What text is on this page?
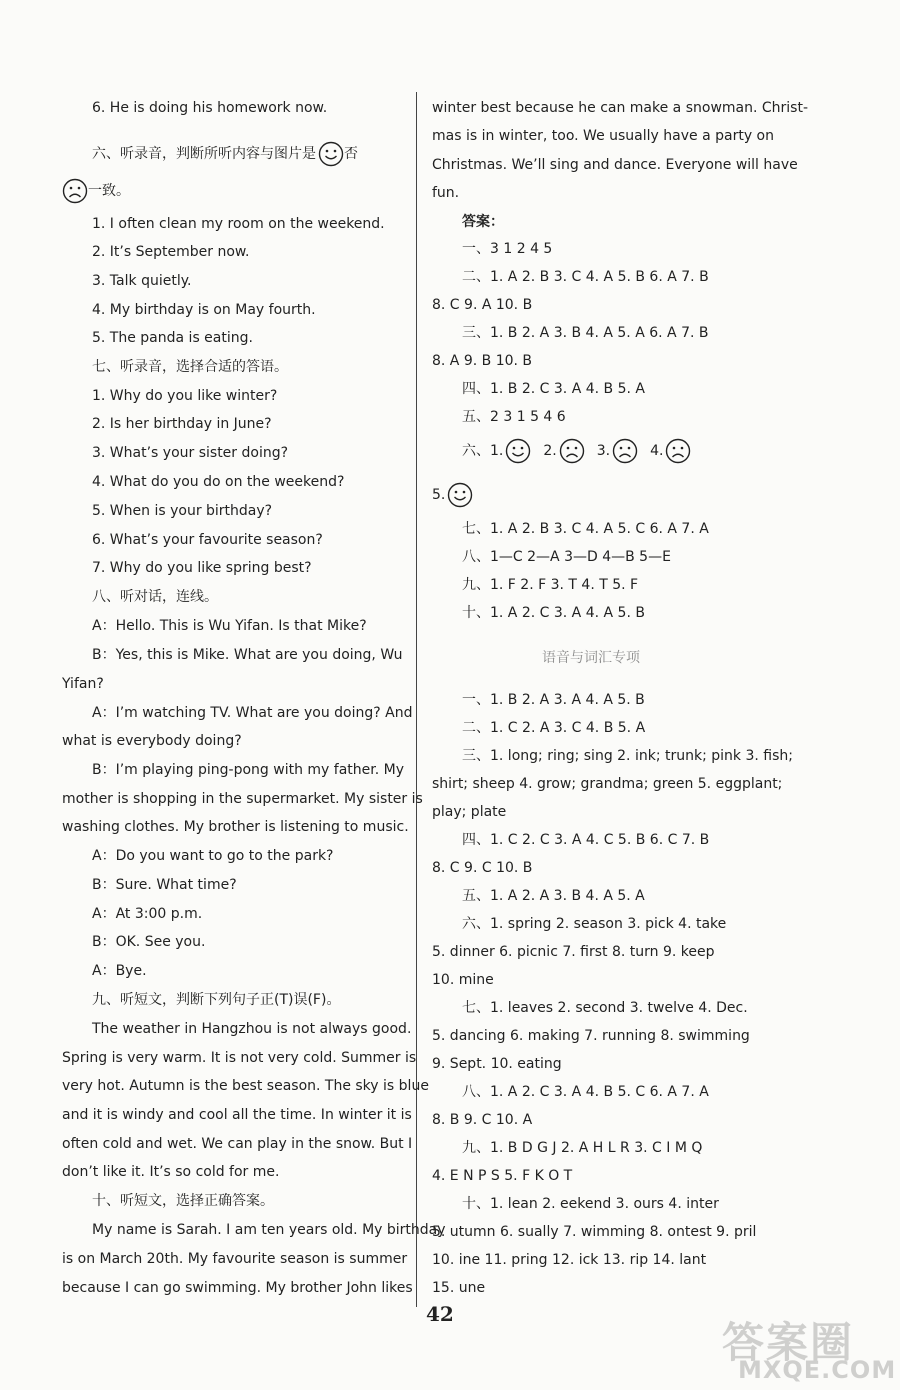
6. He is doing his homework now.
六、听录音，判断所听内容与图片是 否
一致。
1. I often clean my room on the weekend.
2. It’s September now.
3. Talk quietly.
4. My birthday is on May fourth.
5. The panda is eating.
七、听录音，选择合适的答语。
1. Why do you like winter?
2. Is her birthday in June?
3. What’s your sister doing?
4. What do you do on the weekend?
5. When is your birthday?
6. What’s your favourite season?
7. Why do you like spring best?
八、听对话，连线。
A：Hello. This is Wu Yifan. Is that Mike?
B：Yes, this is Mike. What are you doing, Wu
Yifan?
A：I’m watching TV. What are you doing? And
what is everybody doing?
B：I’m playing ping-pong with my father. My
mother is shopping in the supermarket. My sister is
washing clothes. My brother is listening to music.
A：Do you want to go to the park?
B：Sure. What time?
A：At 3:00 p.m.
B：OK. See you.
A：Bye.
九、听短文，判断下列句子正(T)误(F)。
The weather in Hangzhou is not always good.
Spring is very warm. It is not very cold. Summer is
very hot. Autumn is the best season. The sky is blue
and it is windy and cool all the time. In winter it is
often cold and wet. We can play in the snow. But I
don’t like it. It’s so cold for me.
十、听短文，选择正确答案。
My name is Sarah. I am ten years old. My birthday
is on March 20th. My favourite season is summer
because I can go swimming. My brother John likes
winter best because he can make a snowman. Christ-
mas is in winter, too. We usually have a party on
Christmas. We’ll sing and dance. Everyone will have
fun.
答案：
一、3 1 2 4 5
二、1. A 2. B 3. C 4. A 5. B 6. A 7. B
8. C 9. A 10. B
三、1. B 2. A 3. B 4. A 5. A 6. A 7. B
8. A 9. B 10. B
四、1. B 2. C 3. A 4. B 5. A
五、2 3 1 5 4 6
六、1.	2.	3.	4.
5.
七、1. A 2. B 3. C 4. A 5. C 6. A 7. A
八、1—C 2—A 3—D 4—B 5—E
九、1. F 2. F 3. T 4. T 5. F
十、1. A 2. C 3. A 4. A 5. B
语音与词汇专项
一、1. B 2. A 3. A 4. A 5. B
二、1. C 2. A 3. C 4. B 5. A
三、1. long; ring; sing 2. ink; trunk; pink 3. fish;
shirt; sheep 4. grow; grandma; green 5. eggplant;
play; plate
四、1. C 2. C 3. A 4. C 5. B 6. C 7. B
8. C 9. C 10. B
五、1. A 2. A 3. B 4. A 5. A
六、1. spring 2. season 3. pick 4. take
5. dinner 6. picnic 7. first 8. turn 9. keep
10. mine
七、1. leaves 2. second 3. twelve 4. Dec.
5. dancing 6. making 7. running 8. swimming
9. Sept. 10. eating
八、1. A 2. C 3. A 4. B 5. C 6. A 7. A
8. B 9. C 10. A
九、1. B D G J 2. A H L R 3. C I M Q
4. E N P S 5. F K O T
十、1. lean 2. eekend 3. ours 4. inter
5. utumn 6. sually 7. wimming 8. ontest 9. pril
10. ine 11. pring 12. ick 13. rip 14. lant
15. une
42
答案圈
MXQE.COM
